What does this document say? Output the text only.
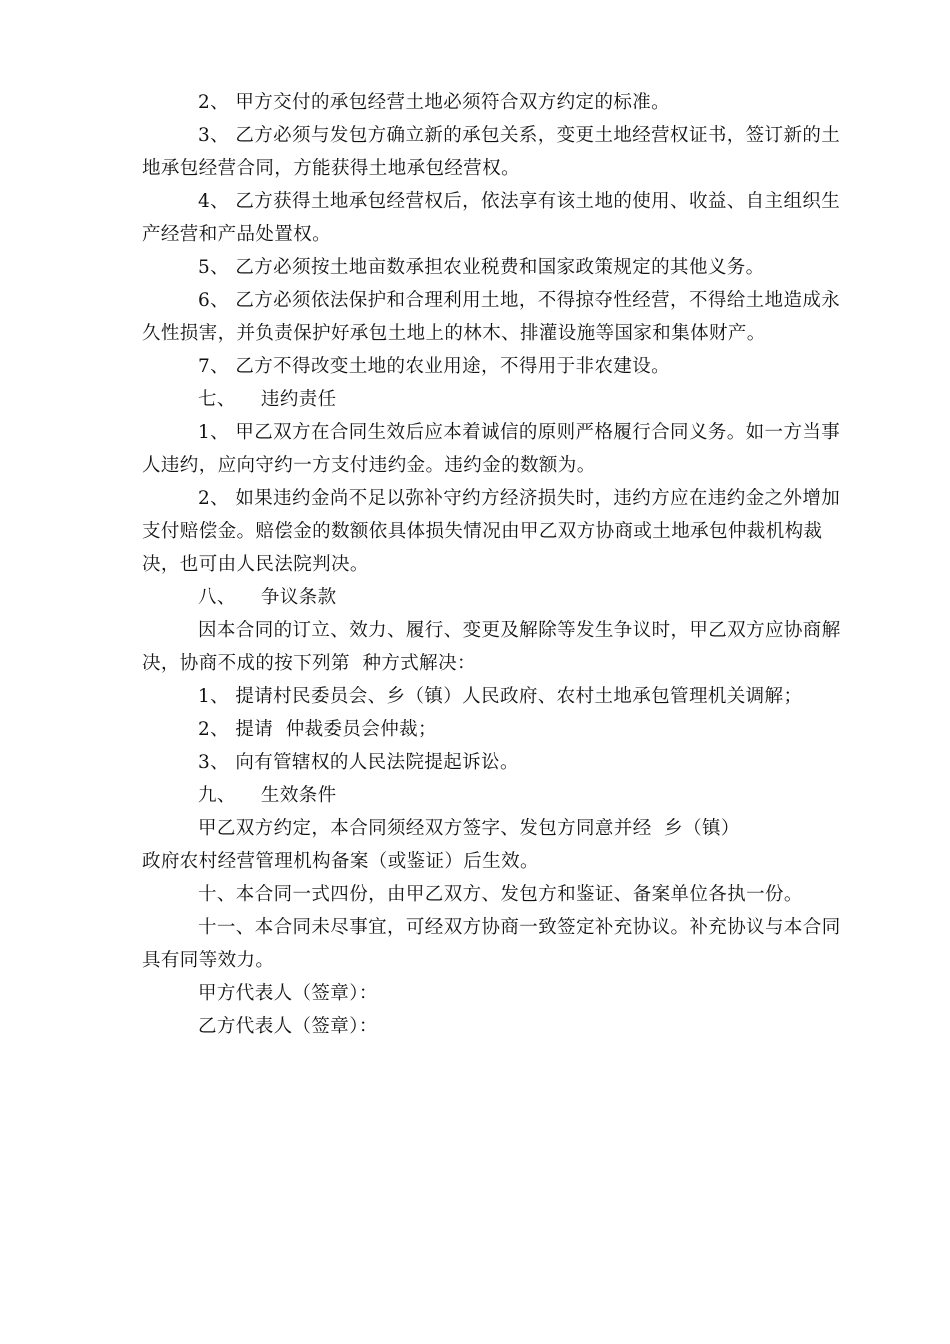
2、 甲方交付的承包经营土地必须符合双方约定的标准。

3、 乙方必须与发包方确立新的承包关系，变更土地经营权证书，签订新的土地承包经营合同，方能获得土地承包经营权。

4、 乙方获得土地承包经营权后，依法享有该土地的使用、收益、自主组织生产经营和产品处置权。

5、 乙方必须按土地亩数承担农业税费和国家政策规定的其他义务。

6、 乙方必须依法保护和合理利用土地，不得掠夺性经营，不得给土地造成永久性损害，并负责保护好承包土地上的林木、排灌设施等国家和集体财产。

7、 乙方不得改变土地的农业用途，不得用于非农建设。

七、    违约责任

1、 甲乙双方在合同生效后应本着诚信的原则严格履行合同义务。如一方当事人违约，应向守约一方支付违约金。违约金的数额为。

2、 如果违约金尚不足以弥补守约方经济损失时，违约方应在违约金之外增加支付赔偿金。赔偿金的数额依具体损失情况由甲乙双方协商或土地承包仲裁机构裁决，也可由人民法院判决。

八、    争议条款

因本合同的订立、效力、履行、变更及解除等发生争议时，甲乙双方应协商解决，协商不成的按下列第  种方式解决：

1、 提请村民委员会、乡（镇）人民政府、农村土地承包管理机关调解；

2、 提请  仲裁委员会仲裁；

3、 向有管辖权的人民法院提起诉讼。

九、    生效条件

甲乙双方约定，本合同须经双方签字、发包方同意并经  乡（镇）

政府农村经营管理机构备案（或鉴证）后生效。

十、本合同一式四份，由甲乙双方、发包方和鉴证、备案单位各执一份。

十一、本合同未尽事宜，可经双方协商一致签定补充协议。补充协议与本合同具有同等效力。

甲方代表人（签章）：

乙方代表人（签章）：
